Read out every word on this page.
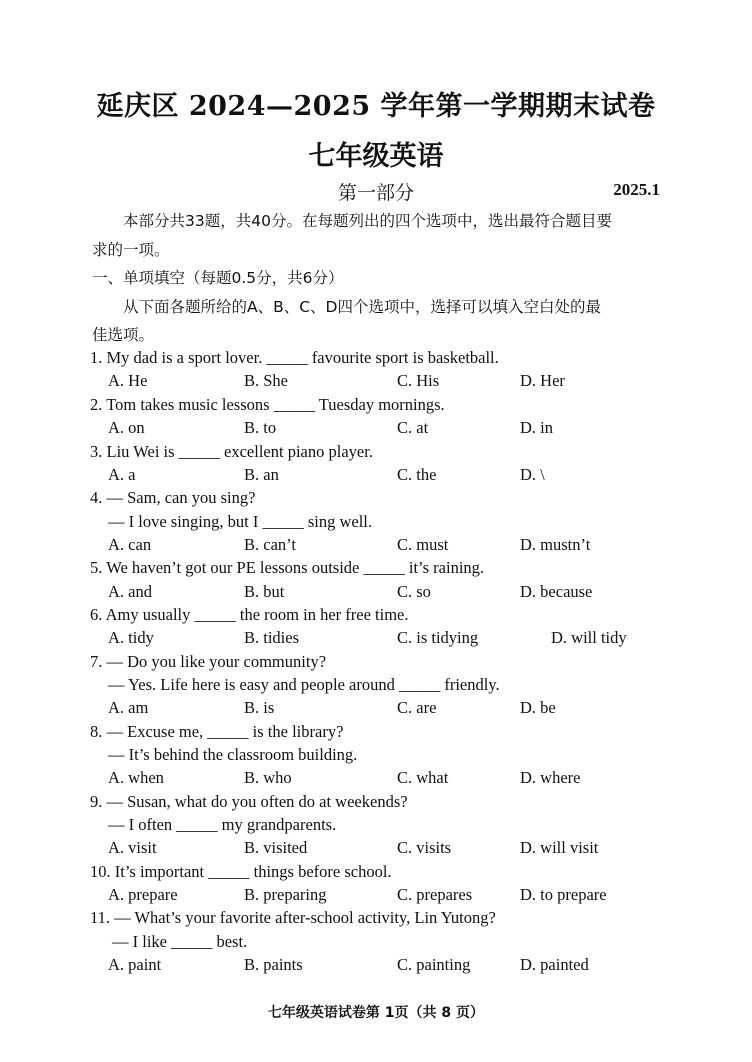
延庆区 2024—2025 学年第一学期期末试卷
七年级英语
第一部分	2025.1
本部分共33题，共40分。在每题列出的四个选项中，选出最符合题目要
求的一项。
一、单项填空（每题0.5分，共6分）
从下面各题所给的A、B、C、D四个选项中，选择可以填入空白处的最
佳选项。
1. My dad is a sport lover. _____ favourite sport is basketball.
A. He	B. She	C. His	D. Her
2. Tom takes music lessons _____ Tuesday mornings.
A. on	B. to	C. at	D. in
3. Liu Wei is _____ excellent piano player.
A. a	B. an	C. the	D. \
4. — Sam, can you sing?
— I love singing, but I _____ sing well.
A. can	B. can’t	C. must	D. mustn’t
5. We haven’t got our PE lessons outside _____ it’s raining.
A. and	B. but	C. so	D. because
6. Amy usually _____ the room in her free time.
A. tidy	B. tidies	C. is tidying	D. will tidy
7. — Do you like your community?
— Yes. Life here is easy and people around _____ friendly.
A. am	B. is	C. are	D. be
8. — Excuse me, _____ is the library?
— It’s behind the classroom building.
A. when	B. who	C. what	D. where
9. — Susan, what do you often do at weekends?
— I often _____ my grandparents.
A. visit	B. visited	C. visits	D. will visit
10. It’s important _____ things before school.
A. prepare	B. preparing	C. prepares	D. to prepare
11. — What’s your favorite after-school activity, Lin Yutong?
— I like _____ best.
A. paint	B. paints	C. painting	D. painted
七年级英语试卷第 1页（共 8 页）
